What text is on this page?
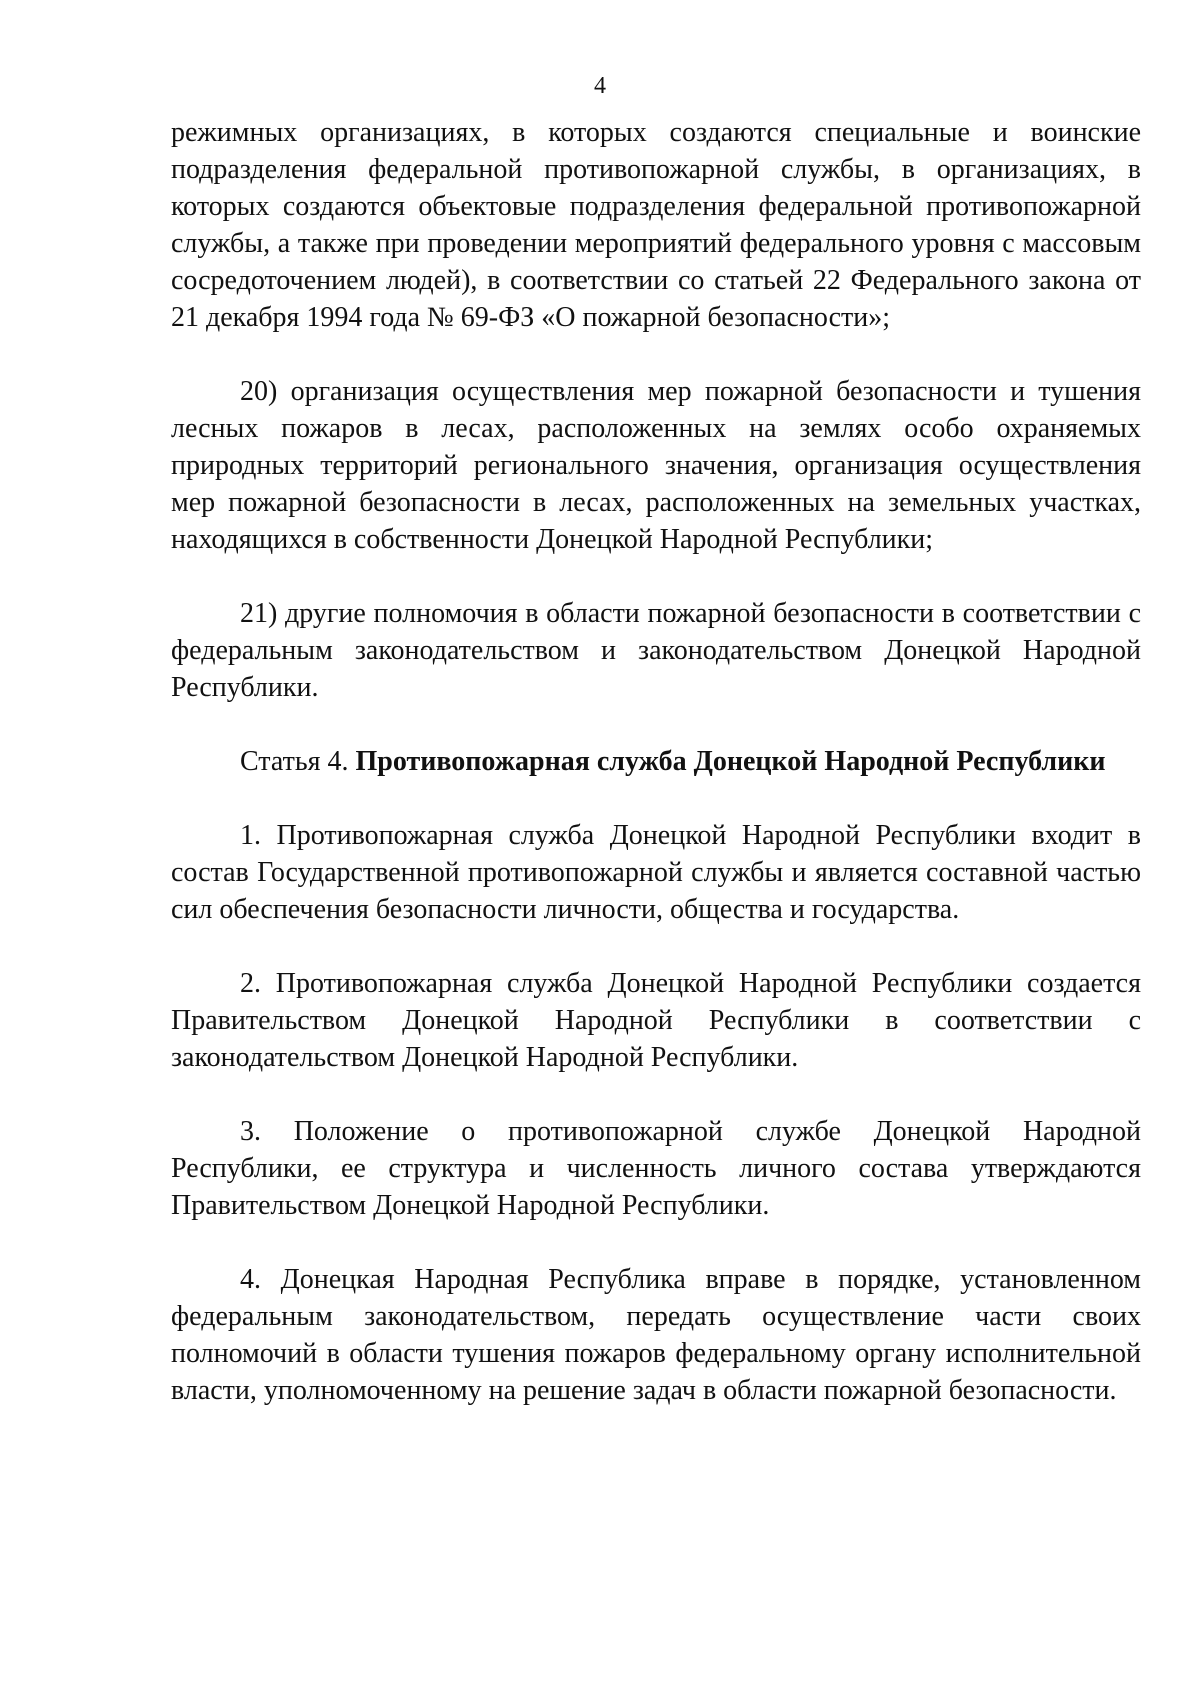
4

режимных организациях, в которых создаются специальные и воинские подразделения федеральной противопожарной службы, в организациях, в которых создаются объектовые подразделения федеральной противопожарной службы, а также при проведении мероприятий федерального уровня с массовым сосредоточением людей), в соответствии со статьей 22 Федерального закона от 21 декабря 1994 года № 69-ФЗ «О пожарной безопасности»;

20) организация осуществления мер пожарной безопасности и тушения лесных пожаров в лесах, расположенных на землях особо охраняемых природных территорий регионального значения, организация осуществления мер пожарной безопасности в лесах, расположенных на земельных участках, находящихся в собственности Донецкой Народной Республики;

21) другие полномочия в области пожарной безопасности в соответствии с федеральным законодательством и законодательством Донецкой Народной Республики.

Статья 4. Противопожарная служба Донецкой Народной Республики

1. Противопожарная служба Донецкой Народной Республики входит в состав Государственной противопожарной службы и является составной частью сил обеспечения безопасности личности, общества и государства.

2. Противопожарная служба Донецкой Народной Республики создается Правительством Донецкой Народной Республики в соответствии с законодательством Донецкой Народной Республики.

3. Положение о противопожарной службе Донецкой Народной Республики, ее структура и численность личного состава утверждаются Правительством Донецкой Народной Республики.

4. Донецкая Народная Республика вправе в порядке, установленном федеральным законодательством, передать осуществление части своих полномочий в области тушения пожаров федеральному органу исполнительной власти, уполномоченному на решение задач в области пожарной безопасности.
